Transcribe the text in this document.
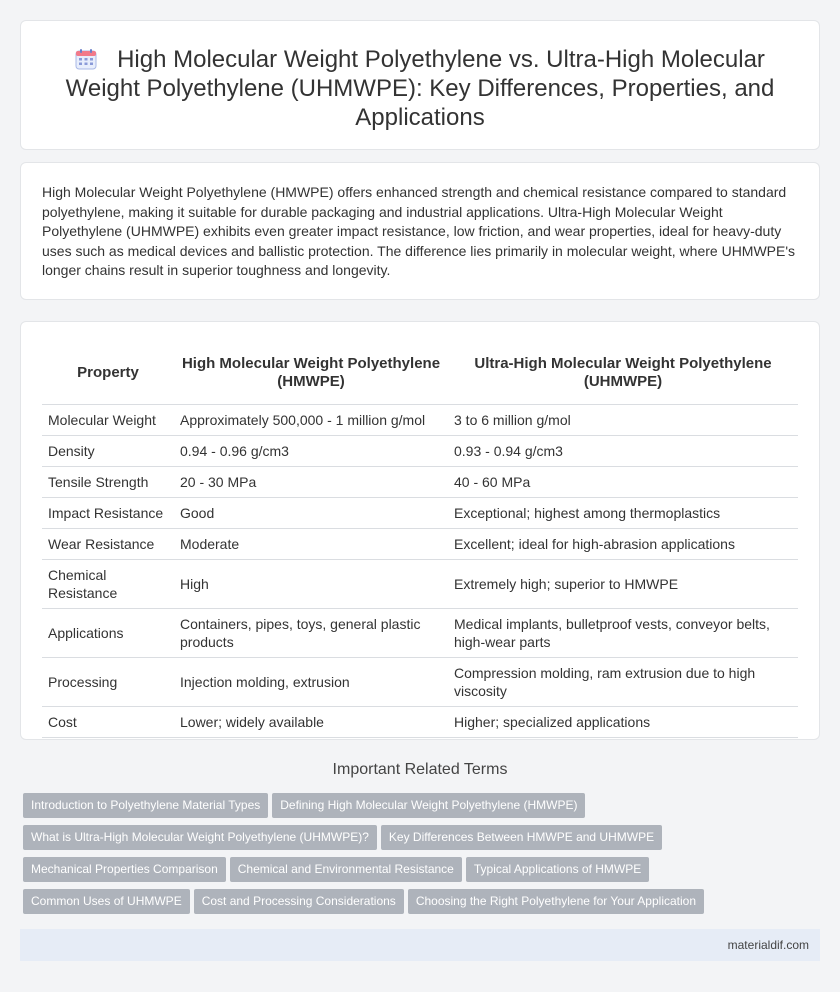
High Molecular Weight Polyethylene vs. Ultra-High Molecular Weight Polyethylene (UHMWPE): Key Differences, Properties, and Applications

High Molecular Weight Polyethylene (HMWPE) offers enhanced strength and chemical resistance compared to standard polyethylene, making it suitable for durable packaging and industrial applications. Ultra-High Molecular Weight Polyethylene (UHMWPE) exhibits even greater impact resistance, low friction, and wear properties, ideal for heavy-duty uses such as medical devices and ballistic protection. The difference lies primarily in molecular weight, where UHMWPE's longer chains result in superior toughness and longevity.

Property	High Molecular Weight Polyethylene (HMWPE)	Ultra-High Molecular Weight Polyethylene (UHMWPE)
Molecular Weight	Approximately 500,000 - 1 million g/mol	3 to 6 million g/mol
Density	0.94 - 0.96 g/cm3	0.93 - 0.94 g/cm3
Tensile Strength	20 - 30 MPa	40 - 60 MPa
Impact Resistance	Good	Exceptional; highest among thermoplastics
Wear Resistance	Moderate	Excellent; ideal for high-abrasion applications
Chemical Resistance	High	Extremely high; superior to HMWPE
Applications	Containers, pipes, toys, general plastic products	Medical implants, bulletproof vests, conveyor belts, high-wear parts
Processing	Injection molding, extrusion	Compression molding, ram extrusion due to high viscosity
Cost	Lower; widely available	Higher; specialized applications
Important Related Terms
Introduction to Polyethylene Material Types Defining High Molecular Weight Polyethylene (HMWPE)
What is Ultra-High Molecular Weight Polyethylene (UHMWPE)? Key Differences Between HMWPE and UHMWPE
Mechanical Properties Comparison Chemical and Environmental Resistance Typical Applications of HMWPE
Common Uses of UHMWPE Cost and Processing Considerations Choosing the Right Polyethylene for Your Application
materialdif.com
